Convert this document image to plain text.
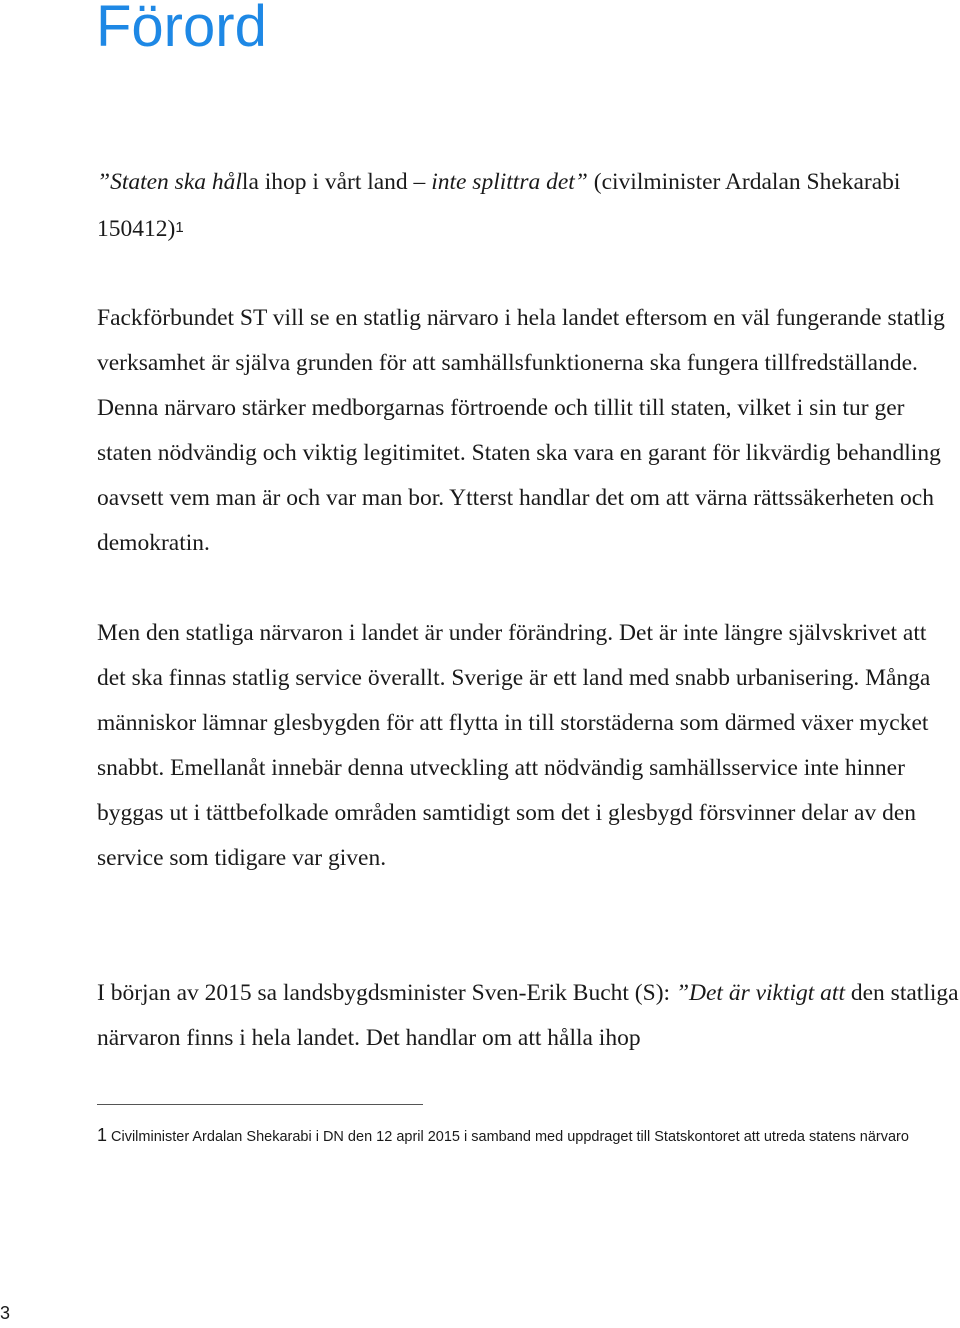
Förord

”Staten ska hålla ihop i vårt land – inte splittra det” (civilminister Ardalan Shekarabi 150412)1

Fackförbundet ST vill se en statlig närvaro i hela landet eftersom en väl fungerande statlig verksamhet är själva grunden för att samhällsfunktionerna ska fungera tillfredställande. Denna närvaro stärker medborgarnas förtroende och tillit till staten, vilket i sin tur ger staten nödvändig och viktig legitimitet. Staten ska vara en garant för likvärdig behandling oavsett vem man är och var man bor. Ytterst handlar det om att värna rättssäkerheten och demokratin.

Men den statliga närvaron i landet är under förändring. Det är inte längre självskrivet att det ska finnas statlig service överallt. Sverige är ett land med snabb urbanisering. Många människor lämnar glesbygden för att flytta in till storstäderna som därmed växer mycket snabbt. Emellanåt innebär denna utveckling att nödvändig samhällsservice inte hinner byggas ut i tättbefolkade områden samtidigt som det i glesbygd försvinner delar av den service som tidigare var given.

I början av 2015 sa landsbygdsminister Sven-Erik Bucht (S): ”Det är viktigt att den statliga närvaron finns i hela landet. Det handlar om att hålla ihop

1 Civilminister Ardalan Shekarabi i DN den 12 april 2015 i samband med uppdraget till Statskontoret att utreda statens närvaro

3
